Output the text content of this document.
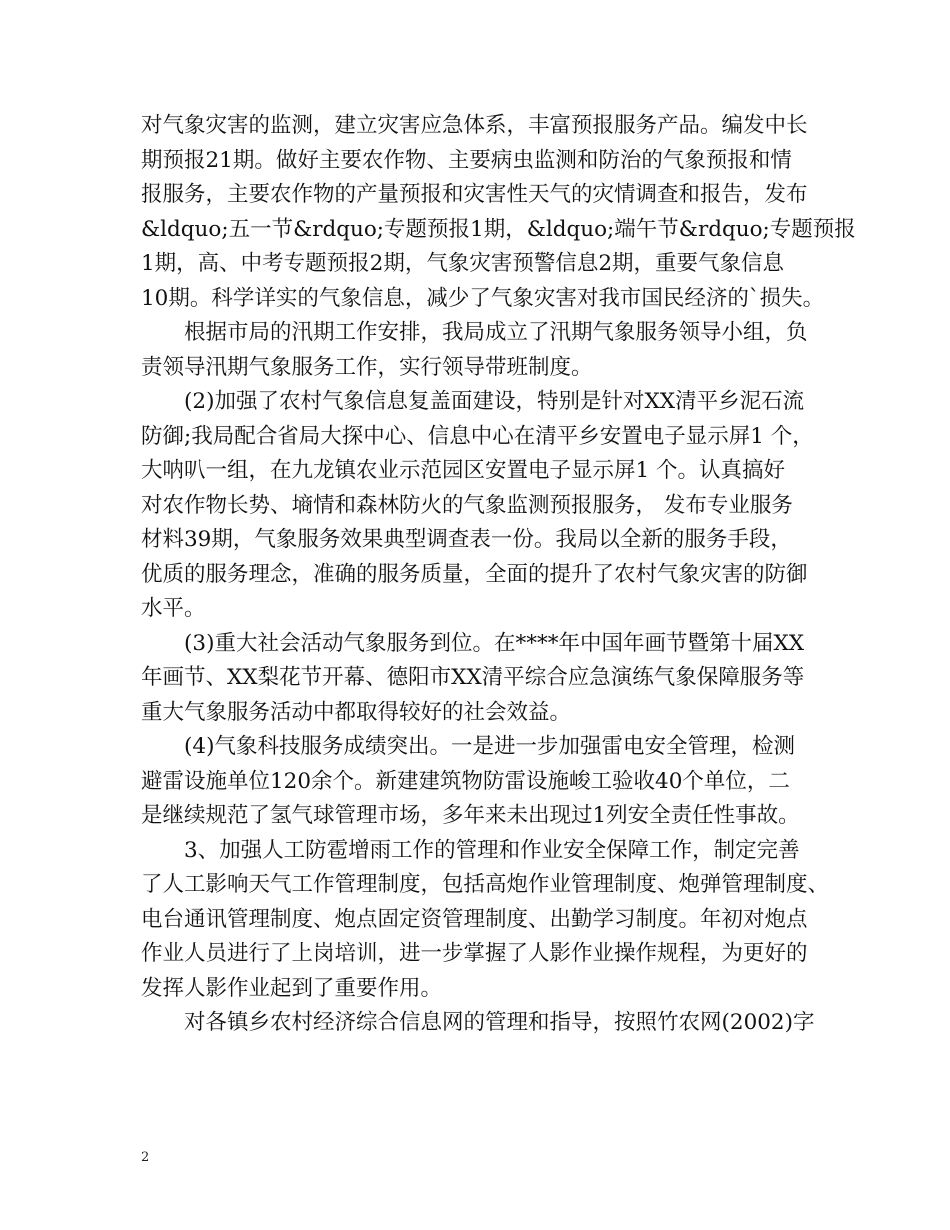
对气象灾害的监测，建立灾害应急体系，丰富预报服务产品。编发中长
期预报21期。做好主要农作物、主要病虫监测和防治的气象预报和情
报服务，主要农作物的产量预报和灾害性天气的灾情调查和报告，发布
&ldquo;五一节&rdquo;专题预报1期，&ldquo;端午节&rdquo;专题预报
1期，高、中考专题预报2期，气象灾害预警信息2期，重要气象信息
10期。科学详实的气象信息，减少了气象灾害对我市国民经济的`损失。
根据市局的汛期工作安排，我局成立了汛期气象服务领导小组，负
责领导汛期气象服务工作，实行领导带班制度。
(2)加强了农村气象信息复盖面建设，特别是针对XX清平乡泥石流
防御;我局配合省局大探中心、信息中心在清平乡安置电子显示屏1 个，
大呐叭一组，在九龙镇农业示范园区安置电子显示屏1 个。认真搞好
对农作物长势、墒情和森林防火的气象监测预报服务， 发布专业服务
材料39期，气象服务效果典型调查表一份。我局以全新的服务手段，
优质的服务理念，准确的服务质量，全面的提升了农村气象灾害的防御
水平。
(3)重大社会活动气象服务到位。在****年中国年画节暨第十届XX
年画节、XX梨花节开幕、德阳市XX清平综合应急演练气象保障服务等
重大气象服务活动中都取得较好的社会效益。
(4)气象科技服务成绩突出。一是进一步加强雷电安全管理，检测
避雷设施单位120余个。新建建筑物防雷设施峻工验收40个单位，二
是继续规范了氢气球管理市场，多年来未出现过1列安全责任性事故。
3、加强人工防雹增雨工作的管理和作业安全保障工作，制定完善
了人工影响天气工作管理制度，包括高炮作业管理制度、炮弹管理制度、
电台通讯管理制度、炮点固定资管理制度、出勤学习制度。年初对炮点
作业人员进行了上岗培训，进一步掌握了人影作业操作规程，为更好的
发挥人影作业起到了重要作用。
对各镇乡农村经济综合信息网的管理和指导，按照竹农网(2002)字
2
